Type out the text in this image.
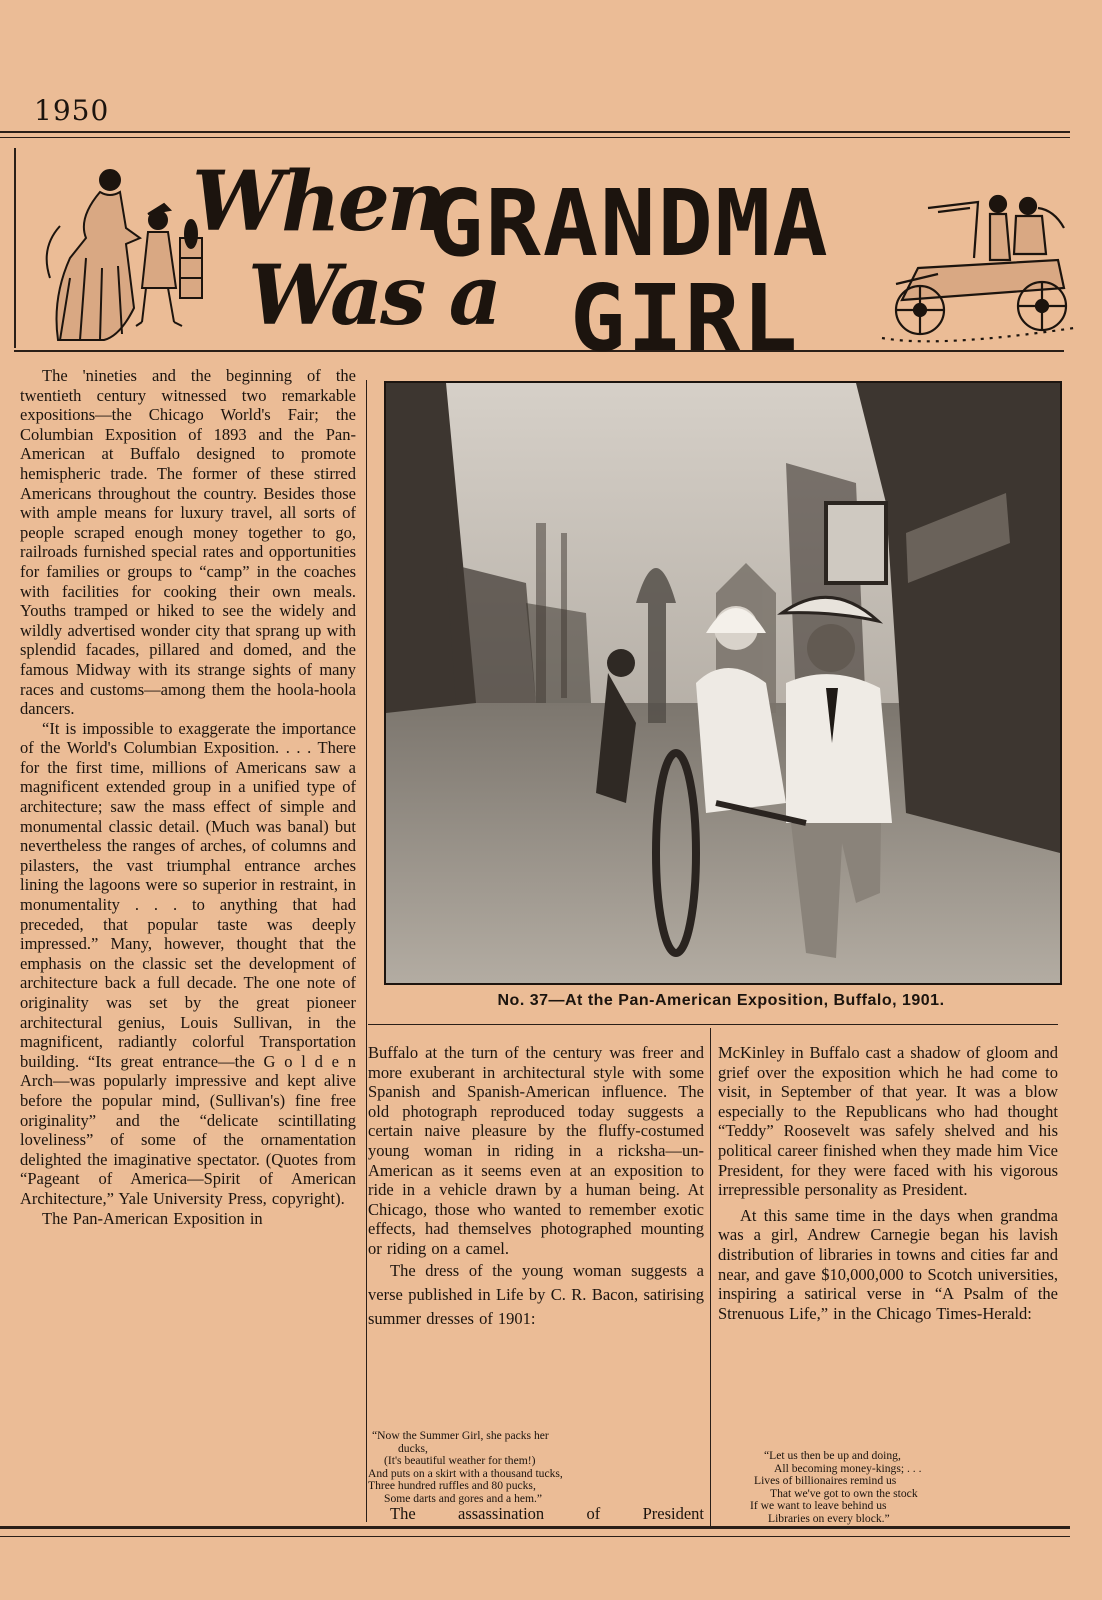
1950
When
GRANDMA
Was a GIRL

The 'nineties and the beginning of the twentieth century witnessed two remarkable expositions—the Chicago World's Fair; the Columbian Exposition of 1893 and the Pan-American at Buffalo designed to promote hemispheric trade. The former of these stirred Americans throughout the country. Besides those with ample means for luxury travel, all sorts of people scraped enough money together to go, railroads furnished special rates and opportunities for families or groups to “camp” in the coaches with facilities for cooking their own meals. Youths tramped or hiked to see the widely and wildly advertised wonder city that sprang up with splendid facades, pillared and domed, and the famous Midway with its strange sights of many races and customs—among them the hoola-hoola dancers.

“It is impossible to exaggerate the importance of the World's Columbian Exposition. . . . There for the first time, millions of Americans saw a magnificent extended group in a unified type of architecture; saw the mass effect of simple and monumental classic detail. (Much was banal) but nevertheless the ranges of arches, of columns and pilasters, the vast triumphal entrance arches lining the lagoons were so superior in restraint, in monumentality . . . to anything that had preceded, that popular taste was deeply impressed.” Many, however, thought that the emphasis on the classic set the development of architecture back a full decade. The one note of originality was set by the great pioneer architectural genius, Louis Sullivan, in the magnificent, radiantly colorful Transportation building. “Its great entrance—the G o l d e n Arch—was popularly impressive and kept alive before the popular mind, (Sullivan's) fine free originality” and the “delicate scintillating loveliness” of some of the ornamentation delighted the imaginative spectator. (Quotes from “Pageant of America—Spirit of American Architecture,” Yale University Press, copyright).

The Pan-American Exposition in

No. 37—At the Pan-American Exposition, Buffalo, 1901.

Buffalo at the turn of the century was freer and more exuberant in architectural style with some Spanish and Spanish-American influence. The old photograph reproduced today suggests a certain naive pleasure by the fluffy-costumed young woman in riding in a ricksha—un-American as it seems even at an exposition to ride in a vehicle drawn by a human being. At Chicago, those who wanted to remember exotic effects, had themselves photographed mounting or riding on a camel.

The dress of the young woman suggests a verse published in Life by C. R. Bacon, satirising summer dresses of 1901:

“Now the Summer Girl, she packs her
ducks,
(It's beautiful weather for them!)
And puts on a skirt with a thousand tucks,
Three hundred ruffles and 80 pucks,
Some darts and gores and a hem.”

The assassination of President

McKinley in Buffalo cast a shadow of gloom and grief over the exposition which he had come to visit, in September of that year. It was a blow especially to the Republicans who had thought “Teddy” Roosevelt was safely shelved and his political career finished when they made him Vice President, for they were faced with his vigorous irrepressible personality as President.

At this same time in the days when grandma was a girl, Andrew Carnegie began his lavish distribution of libraries in towns and cities far and near, and gave $10,000,000 to Scotch universities, inspiring a satirical verse in “A Psalm of the Strenuous Life,” in the Chicago Times-Herald:

“Let us then be up and doing,
All becoming money-kings; . . .
Lives of billionaires remind us
That we've got to own the stock
If we want to leave behind us
Libraries on every block.”
